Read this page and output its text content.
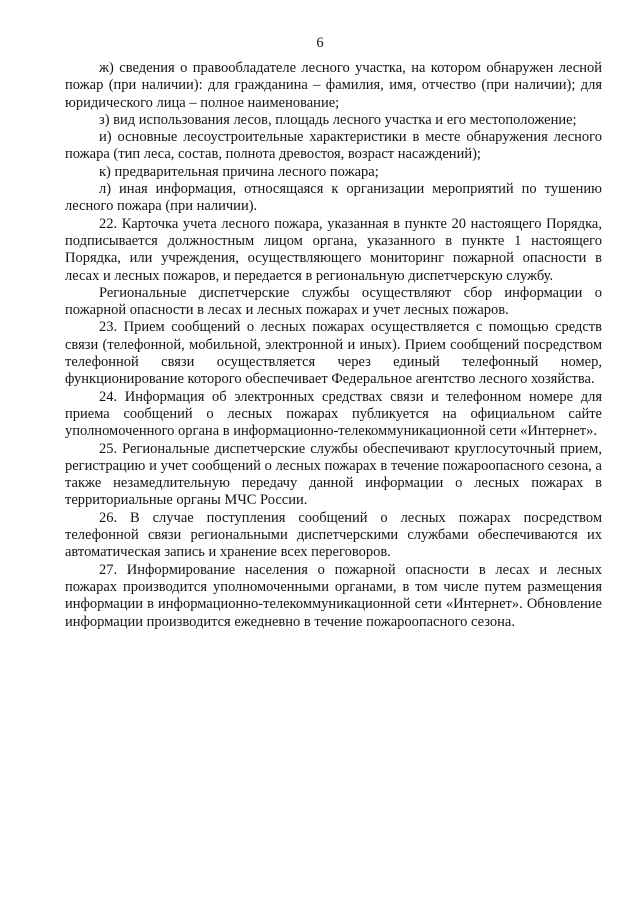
6

ж) сведения о правообладателе лесного участка, на котором обнаружен лесной пожар (при наличии): для гражданина – фамилия, имя, отчество (при наличии); для юридического лица – полное наименование;

з) вид использования лесов, площадь лесного участка и его местоположение;

и) основные лесоустроительные характеристики в месте обнаружения лесного пожара (тип леса, состав, полнота древостоя, возраст насаждений);

к) предварительная причина лесного пожара;

л) иная информация, относящаяся к организации мероприятий по тушению лесного пожара (при наличии).

22. Карточка учета лесного пожара, указанная в пункте 20 настоящего Порядка, подписывается должностным лицом органа, указанного в пункте 1 настоящего Порядка, или учреждения, осуществляющего мониторинг пожарной опасности в лесах и лесных пожаров, и передается в региональную диспетчерскую службу.

Региональные диспетчерские службы осуществляют сбор информации о пожарной опасности в лесах и лесных пожарах и учет лесных пожаров.

23. Прием сообщений о лесных пожарах осуществляется с помощью средств связи (телефонной, мобильной, электронной и иных). Прием сообщений посредством телефонной связи осуществляется через единый телефонный номер, функционирование которого обеспечивает Федеральное агентство лесного хозяйства.

24. Информация об электронных средствах связи и телефонном номере для приема сообщений о лесных пожарах публикуется на официальном сайте уполномоченного органа в информационно-телекоммуникационной сети «Интернет».

25. Региональные диспетчерские службы обеспечивают круглосуточный прием, регистрацию и учет сообщений о лесных пожарах в течение пожароопасного сезона, а также незамедлительную передачу данной информации о лесных пожарах в территориальные органы МЧС России.

26. В случае поступления сообщений о лесных пожарах посредством телефонной связи региональными диспетчерскими службами обеспечиваются их автоматическая запись и хранение всех переговоров.

27. Информирование населения о пожарной опасности в лесах и лесных пожарах производится уполномоченными органами, в том числе путем размещения информации в информационно-телекоммуникационной сети «Интернет». Обновление информации производится ежедневно в течение пожароопасного сезона.
